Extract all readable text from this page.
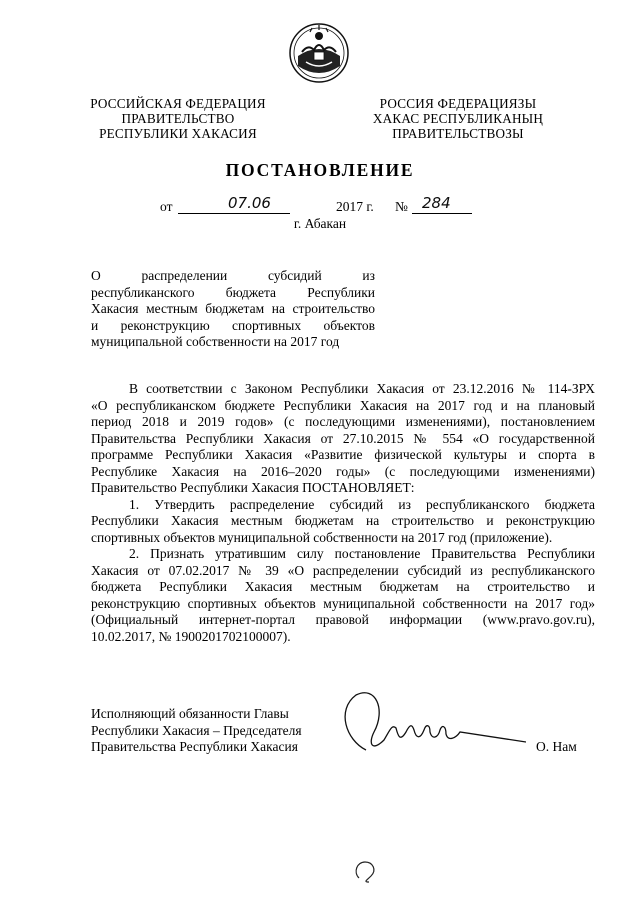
РОССИЙСКАЯ ФЕДЕРАЦИЯ
ПРАВИТЕЛЬСТВО
РЕСПУБЛИКИ ХАКАСИЯ
РОССИЯ ФЕДЕРАЦИЯЗЫ
ХАКАС РЕСПУБЛИКАНЫҢ
ПРАВИТЕЛЬСТВОЗЫ
ПОСТАНОВЛЕНИЕ
от	07.06	2017 г. № 284
г. Абакан
О распределении субсидий из
республиканского бюджета Республики
Хакасия местным бюджетам на строительство
и реконструкцию спортивных объектов
муниципальной собственности на 2017 год
В соответствии с Законом Республики Хакасия от 23.12.2016 № 114-ЗРХ
«О республиканском бюджете Республики Хакасия на 2017 год и на плановый
период 2018 и 2019 годов» (с последующими изменениями), постановлением
Правительства Республики Хакасия от 27.10.2015 № 554 «О государственной
программе Республики Хакасия «Развитие физической культуры и спорта в
Республике Хакасия на 2016–2020 годы» (с последующими изменениями)
Правительство Республики Хакасия ПОСТАНОВЛЯЕТ:
1. Утвердить распределение субсидий из республиканского бюджета
Республики Хакасия местным бюджетам на строительство и реконструкцию
спортивных объектов муниципальной собственности на 2017 год (приложение).
2. Признать утратившим силу постановление Правительства Республики
Хакасия от 07.02.2017 № 39 «О распределении субсидий из республиканского
бюджета Республики Хакасия местным бюджетам на строительство и
реконструкцию спортивных объектов муниципальной собственности на 2017 год»
(Официальный интернет-портал правовой информации (www.pravo.gov.ru),
10.02.2017, № 1900201702100007).
Исполняющий обязанности Главы
Республики Хакасия – Председателя
Правительства Республики Хакасия	О. Нам
